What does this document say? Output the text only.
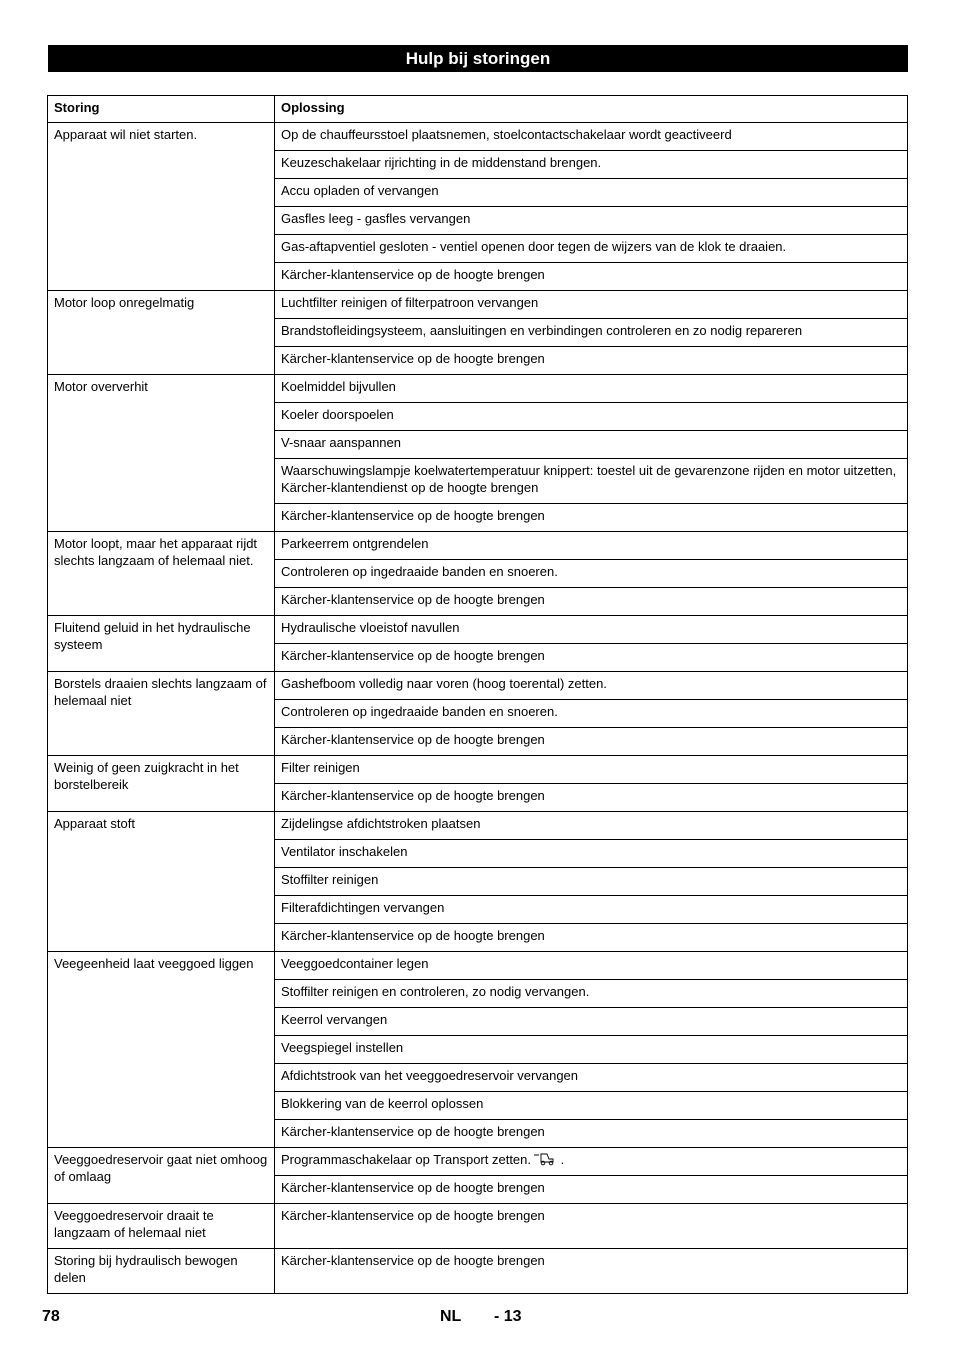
Hulp bij storingen
Storing	Oplossing
Apparaat wil niet starten.	Op de chauffeursstoel plaatsnemen, stoelcontactschakelaar wordt geactiveerd
	Keuzeschakelaar rijrichting in de middenstand brengen.
	Accu opladen of vervangen
	Gasfles leeg - gasfles vervangen
	Gas-aftapventiel gesloten - ventiel openen door tegen de wijzers van de klok te draaien.
	Kärcher-klantenservice op de hoogte brengen
Motor loop onregelmatig	Luchtfilter reinigen of filterpatroon vervangen
	Brandstofleidingsysteem, aansluitingen en verbindingen controleren en zo nodig repareren
	Kärcher-klantenservice op de hoogte brengen
Motor oververhit	Koelmiddel bijvullen
	Koeler doorspoelen
	V-snaar aanspannen
	Waarschuwingslampje koelwatertemperatuur knippert: toestel uit de gevarenzone rijden en motor uitzetten, Kärcher-klantendienst op de hoogte brengen
	Kärcher-klantenservice op de hoogte brengen
Motor loopt, maar het apparaat rijdt slechts langzaam of helemaal niet.	Parkeerrem ontgrendelen
	Controleren op ingedraaide banden en snoeren.
	Kärcher-klantenservice op de hoogte brengen
Fluitend geluid in het hydraulische systeem	Hydraulische vloeistof navullen
	Kärcher-klantenservice op de hoogte brengen
Borstels draaien slechts langzaam of helemaal niet	Gashefboom volledig naar voren (hoog toerental) zetten.
	Controleren op ingedraaide banden en snoeren.
	Kärcher-klantenservice op de hoogte brengen
Weinig of geen zuigkracht in het borstelbereik	Filter reinigen
	Kärcher-klantenservice op de hoogte brengen
Apparaat stoft	Zijdelingse afdichtstroken plaatsen
	Ventilator inschakelen
	Stoffilter reinigen
	Filterafdichtingen vervangen
	Kärcher-klantenservice op de hoogte brengen
Veegeenheid laat veeggoed liggen	Veeggoedcontainer legen
	Stoffilter reinigen en controleren, zo nodig vervangen.
	Keerrol vervangen
	Veegspiegel instellen
	Afdichtstrook van het veeggoedreservoir vervangen
	Blokkering van de keerrol oplossen
	Kärcher-klantenservice op de hoogte brengen
Veeggoedreservoir gaat niet omhoog of omlaag	Programmaschakelaar op Transport zetten. .
	Kärcher-klantenservice op de hoogte brengen
Veeggoedreservoir draait te langzaam of helemaal niet	Kärcher-klantenservice op de hoogte brengen
Storing bij hydraulisch bewogen delen	Kärcher-klantenservice op de hoogte brengen
78	NL - 13
